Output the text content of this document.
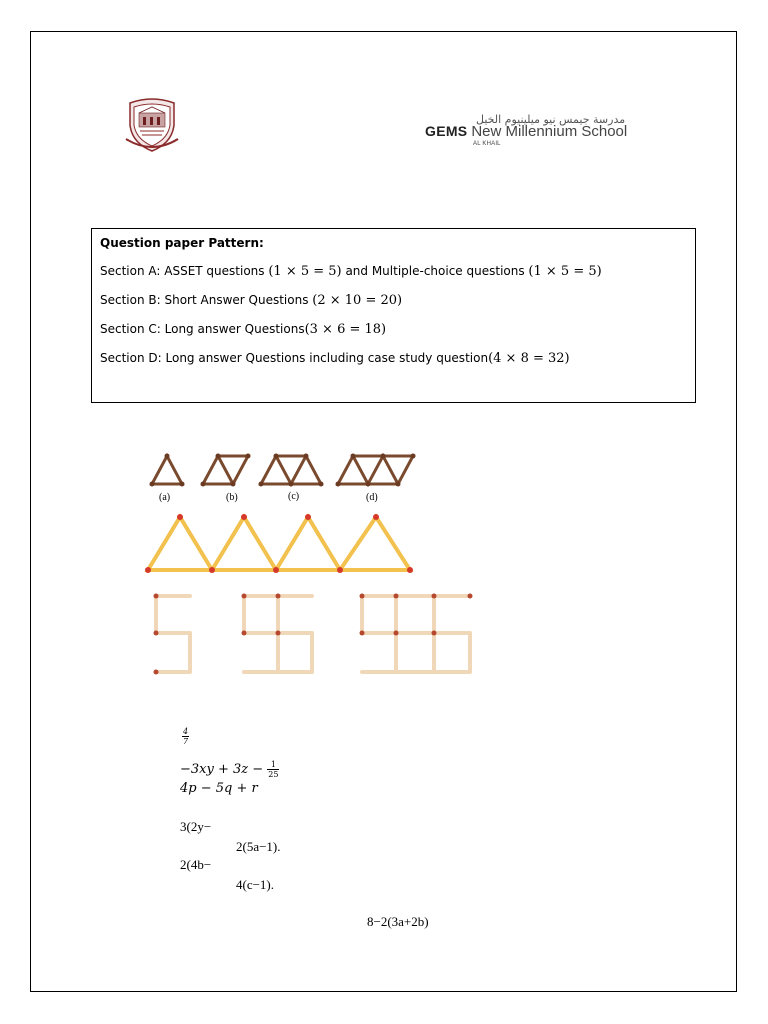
مدرسة جيمس نيو ميلينيوم الخيل
GEMS New Millennium School
AL KHAIL
Question paper Pattern:
Section A: ASSET questions (1 × 5 = 5) and Multiple-choice questions (1 × 5 = 5)
Section B: Short Answer Questions (2 × 10 = 20)
Section C: Long answer Questions(3 × 6 = 18)
Section D: Long answer Questions including case study question(4 × 8 = 32)
(a)	(b)	(c)	(d)
$\frac{4}{7}$
$-3xy + 3z - \frac{1}{25}$
4p − 5q + r
3(2y−
2(5a−1).
2(4b−
4(c−1).
8−2(3a+2b)
